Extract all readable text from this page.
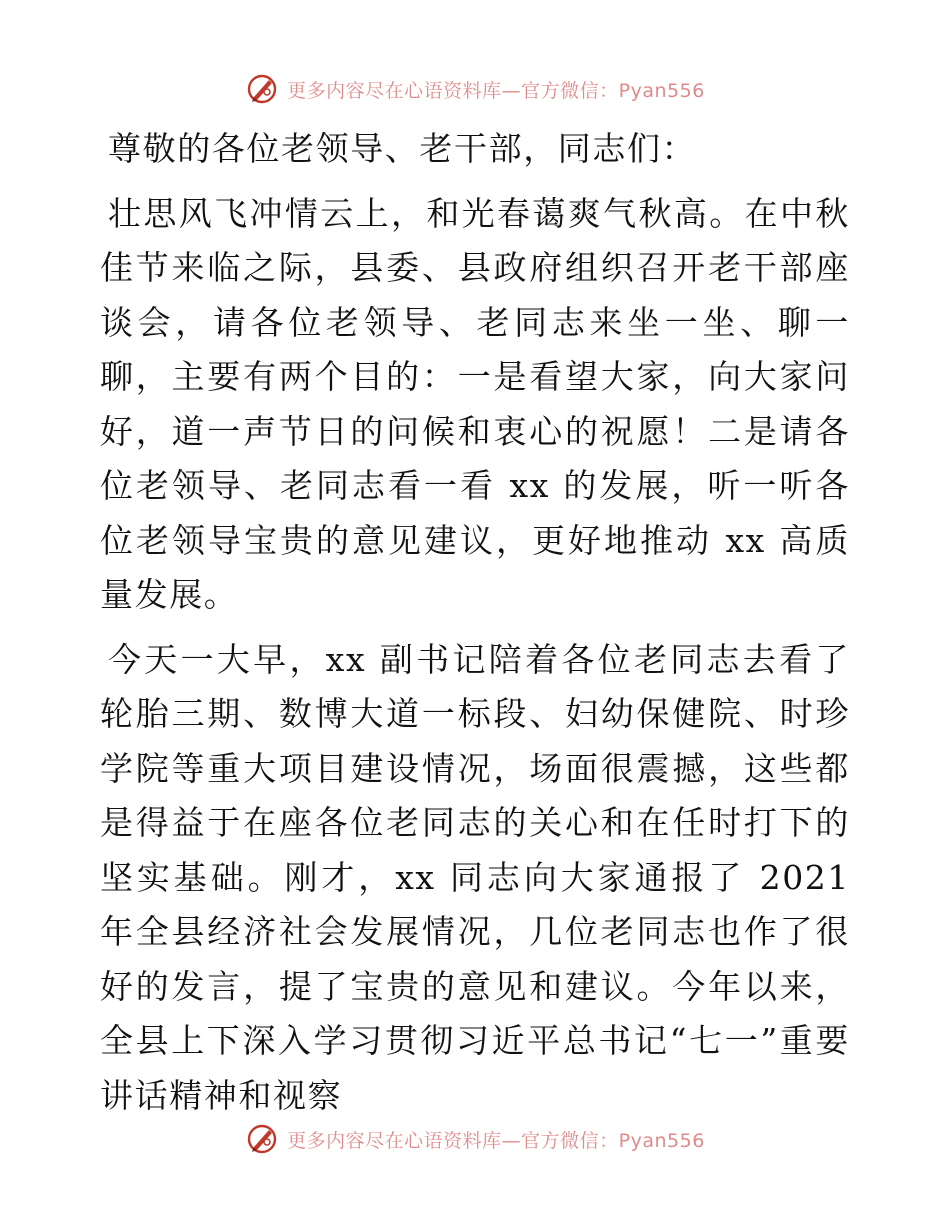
更多内容尽在心语资料库—官方微信：Pyan556

尊敬的各位老领导、老干部，同志们：

壮思风飞冲情云上，和光春蔼爽气秋高。在中秋佳节来临之际，县委、县政府组织召开老干部座谈会，请各位老领导、老同志来坐一坐、聊一聊，主要有两个目的：一是看望大家，向大家问好，道一声节日的问候和衷心的祝愿！二是请各位老领导、老同志看一看 xx 的发展，听一听各位老领导宝贵的意见建议，更好地推动 xx 高质量发展。

今天一大早，xx 副书记陪着各位老同志去看了轮胎三期、数博大道一标段、妇幼保健院、时珍学院等重大项目建设情况，场面很震撼，这些都是得益于在座各位老同志的关心和在任时打下的坚实基础。刚才，xx 同志向大家通报了 2021 年全县经济社会发展情况，几位老同志也作了很好的发言，提了宝贵的意见和建议。今年以来，全县上下深入学习贯彻习近平总书记“七一”重要讲话精神和视察

更多内容尽在心语资料库—官方微信：Pyan556
